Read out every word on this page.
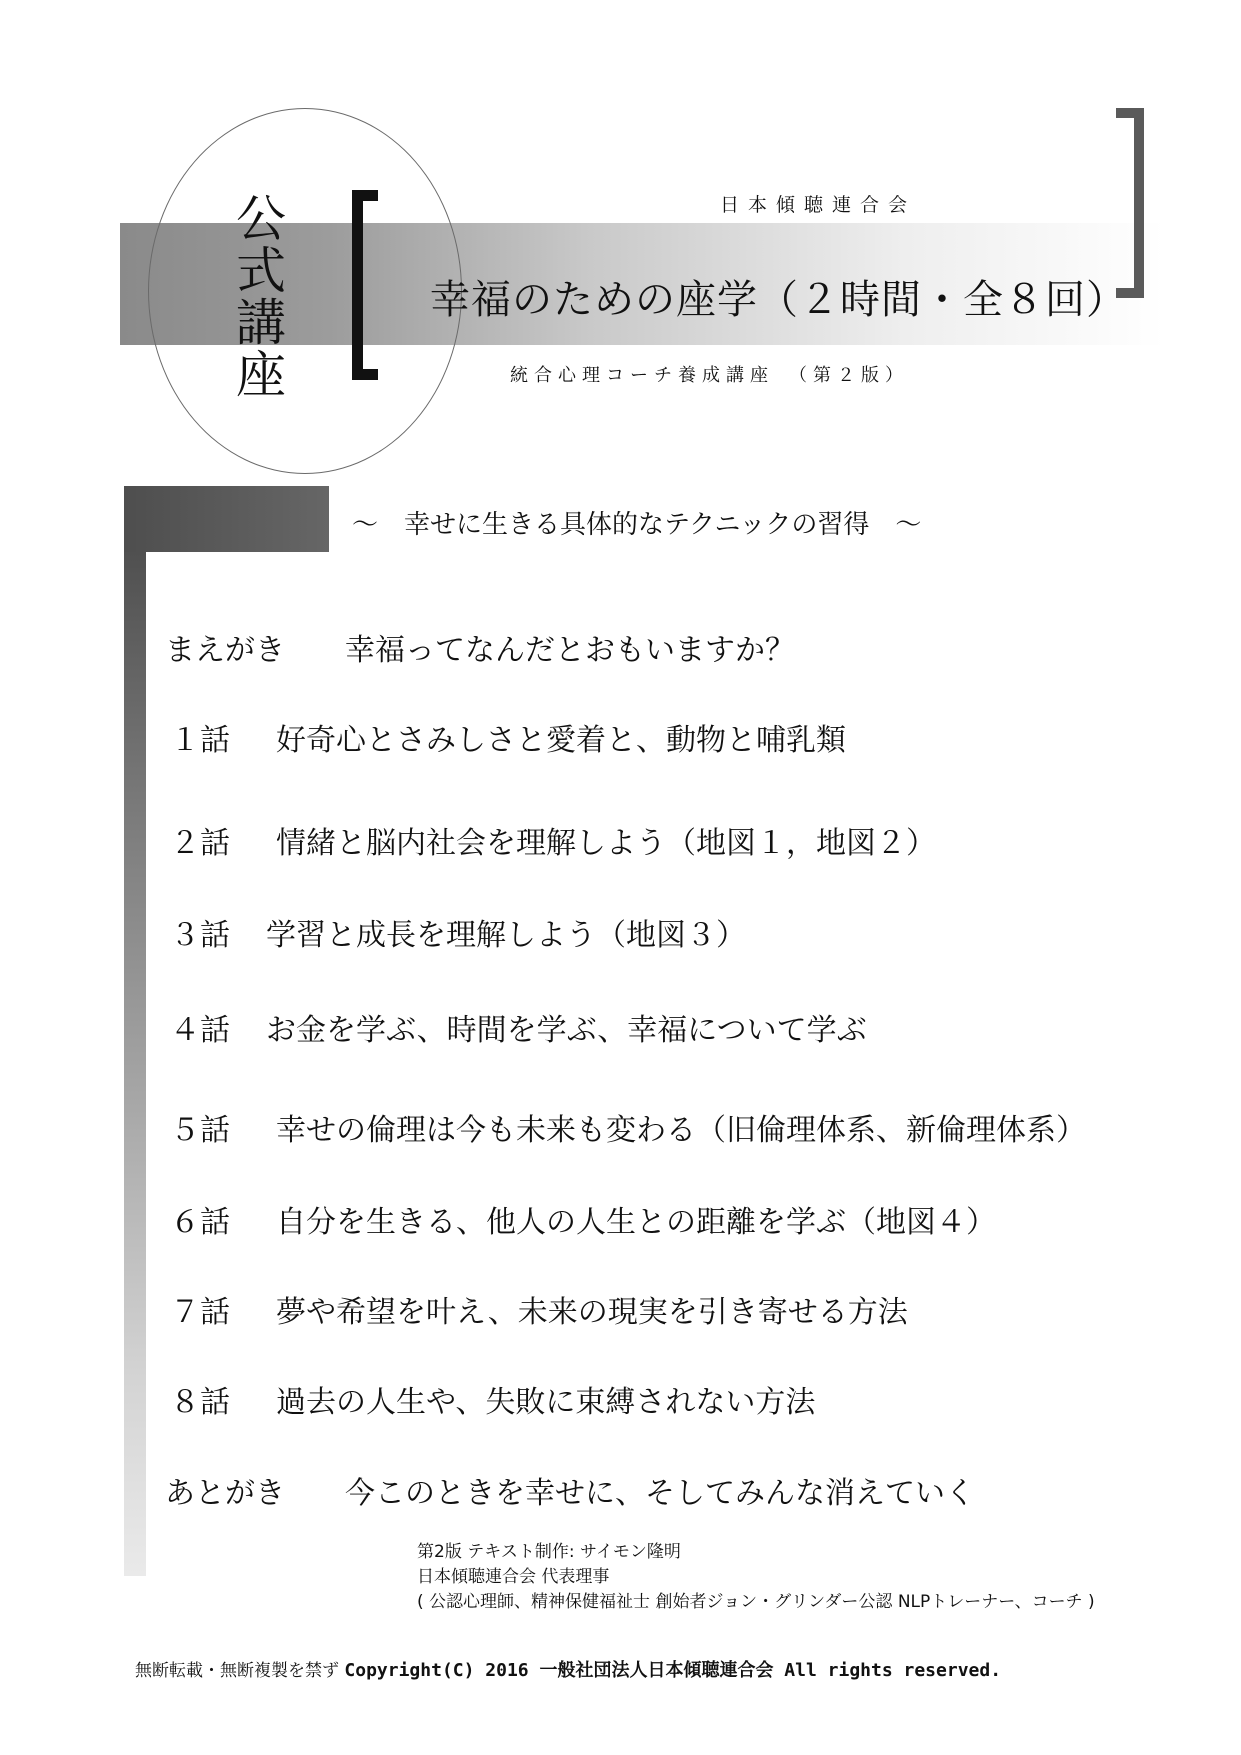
公式講座	日本傾聴連合会
幸福のための座学（２時間・全８回）
統合心理コーチ養成講座　（第２版）
～　幸せに生きる具体的なテクニックの習得　～
まえがき 幸福ってなんだとおもいますか？
１話 好奇心とさみしさと愛着と、動物と哺乳類
２話 情緒と脳内社会を理解しよう（地図１，地図２）
３話 学習と成長を理解しよう（地図３）
４話 お金を学ぶ、時間を学ぶ、幸福について学ぶ
５話 幸せの倫理は今も未来も変わる（旧倫理体系、新倫理体系）
６話 自分を生きる、他人の人生との距離を学ぶ（地図４）
７話 夢や希望を叶え、未来の現実を引き寄せる方法
８話 過去の人生や、失敗に束縛されない方法
あとがき 今このときを幸せに、そしてみんな消えていく
第2版 テキスト制作: サイモン隆明
日本傾聴連合会 代表理事
( 公認心理師、精神保健福祉士 創始者ジョン・グリンダー公認 NLPトレーナー、コーチ )
無断転載・無断複製を禁ず Copyright(C) 2016 一般社団法人日本傾聴連合会 All rights reserved.
